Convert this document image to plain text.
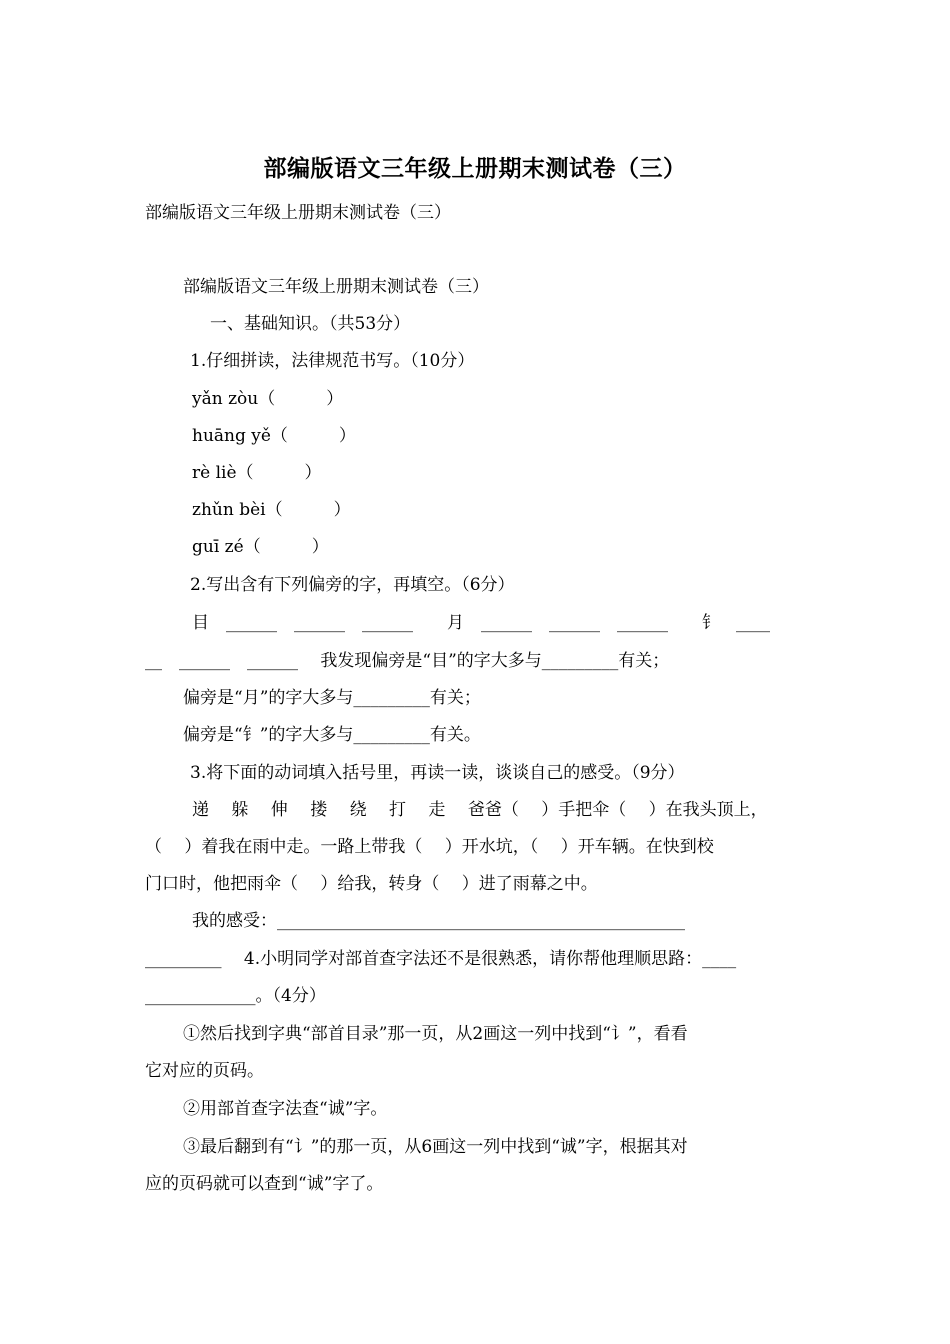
部编版语文三年级上册期末测试卷（三）
部编版语文三年级上册期末测试卷（三）
部编版语文三年级上册期末测试卷（三）
一、基础知识。（共53分）
1.仔细拼读，法律规范书写。（10分）
yǎn zòu（　　　）
huāng yě（　　　）
rè liè（　　　）
zhǔn bèi（　　　）
guī zé（　　　）
2.写出含有下列偏旁的字，再填空。（6分）
目　______　______　______　　月　______　______　______　　钅　____
__　______　______　 我发现偏旁是“目”的字大多与_________有关；
偏旁是“月”的字大多与_________有关；
偏旁是“钅”的字大多与_________有关。
3.将下面的动词填入括号里，再读一读，谈谈自己的感受。（9分）
递　 躲　 伸　 搂　 绕　 打　 走　 爸爸（　 ）手把伞（　 ）在我头顶上，
（　 ）着我在雨中走。一路上带我（　 ）开水坑，（　 ）开车辆。在快到校
门口时，他把雨伞（　 ）给我，转身（　 ）进了雨幕之中。
我的感受：________________________________________________
_________　 4.小明同学对部首查字法还不是很熟悉，请你帮他理顺思路：____
_____________。（4分）
①然后找到字典“部首目录”那一页，从2画这一列中找到“讠”，看看
它对应的页码。
②用部首查字法查“诚”字。
③最后翻到有“讠”的那一页，从6画这一列中找到“诚”字，根据其对
应的页码就可以查到“诚”字了。
